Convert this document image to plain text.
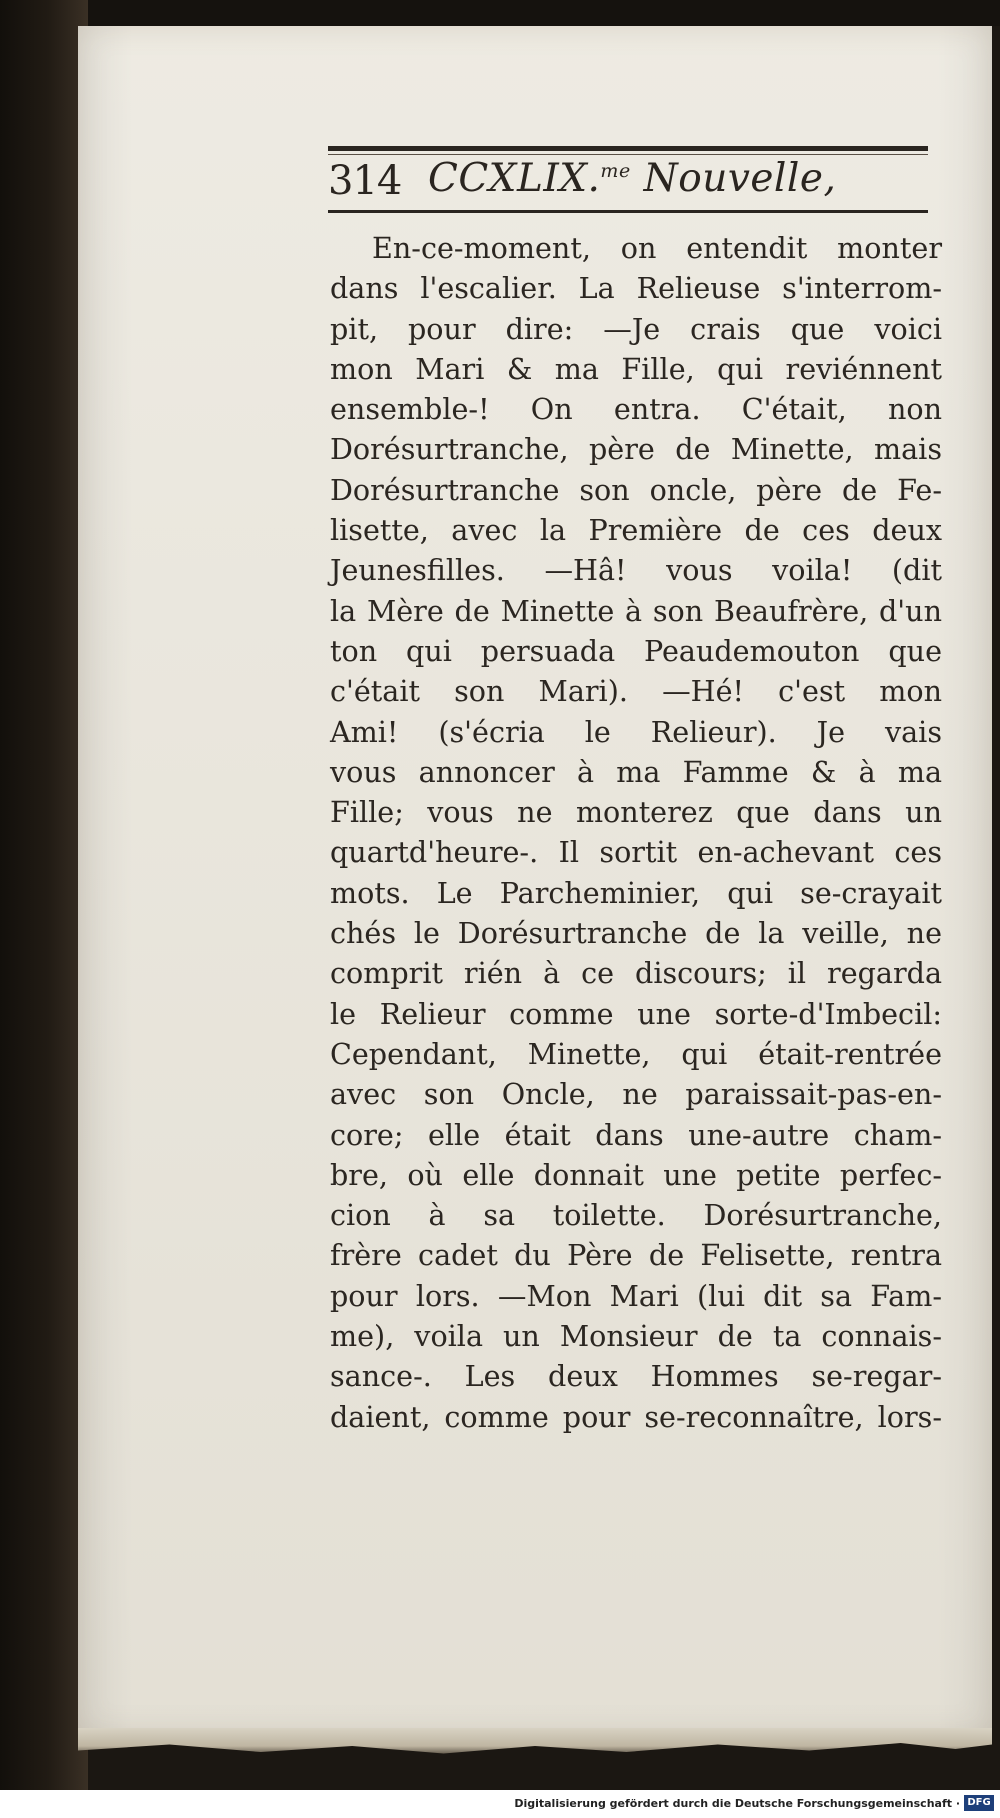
314 CCXLIX.$^{me}$ Nouvelle,
En-ce-moment, on entendit monter
dans l'escalier. La Relieuse s'interrom-
pit, pour dire: —Je crais que voici
mon Mari & ma Fille, qui reviénnent
ensemble-! On entra. C'était, non
Dorésurtranche, père de Minette, mais
Dorésurtranche son oncle, père de Fe-
lisette, avec la Première de ces deux
Jeunesfilles. —Hâ! vous voila! (dit
la Mère de Minette à son Beaufrère, d'un
ton qui persuada Peaudemouton que
c'était son Mari). —Hé! c'est mon
Ami! (s'écria le Relieur). Je vais
vous annoncer à ma Famme & à ma
Fille; vous ne monterez que dans un
quartd'heure-. Il sortit en-achevant ces
mots. Le Parcheminier, qui se-crayait
chés le Dorésurtranche de la veille, ne
comprit rién à ce discours; il regarda
le Relieur comme une sorte-d'Imbecil:
Cependant, Minette, qui était-rentrée
avec son Oncle, ne paraissait-pas-en-
core; elle était dans une-autre cham-
bre, où elle donnait une petite perfec-
cion à sa toilette. Dorésurtranche,
frère cadet du Père de Felisette, rentra
pour lors. —Mon Mari (lui dit sa Fam-
me), voila un Monsieur de ta connais-
sance-. Les deux Hommes se-regar-
daient, comme pour se-reconnaître, lors-
Digitalisierung gefördert durch die Deutsche Forschungsgemeinschaft · DFG
